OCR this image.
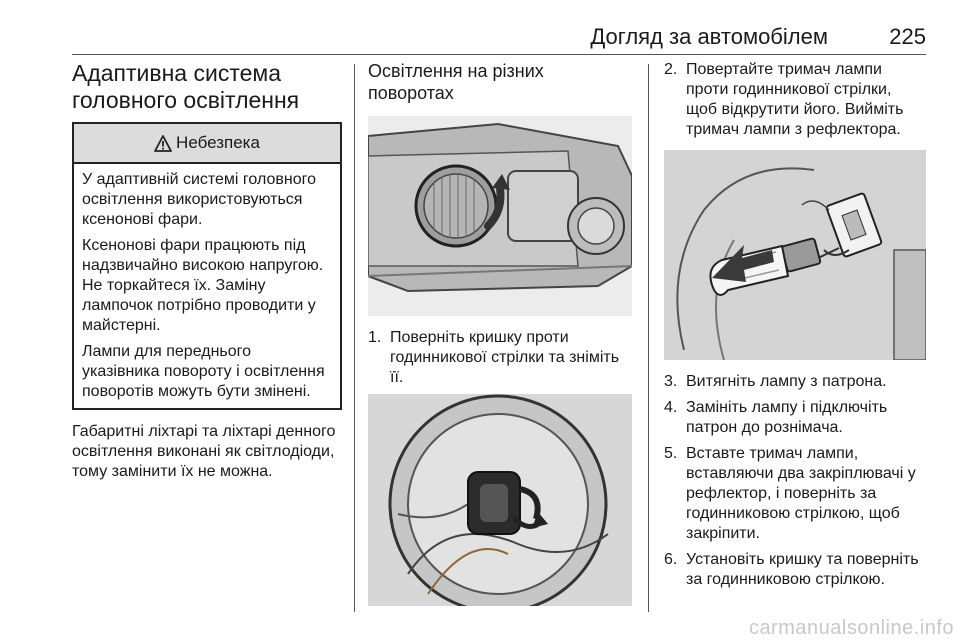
Догляд за автомобілем	225
Адаптивна система головного освітлення
Небезпека

У адаптивній системі головного освітлення використовуються ксенонові фари.

Ксенонові фари працюють під надзвичайно високою напругою. Не торкайтеся їх. Заміну лампочок потрібно проводити у майстерні.

Лампи для переднього указівника повороту і освітлення поворотів можуть бути змінені.

Габаритні ліхтарі та ліхтарі денного освітлення виконані як світлодіоди, тому замінити їх не можна.

Освітлення на різних поворотах
1. Поверніть кришку проти годинникової стрілки та зніміть її.
2. Повертайте тримач лампи проти годинникової стрілки, щоб відкрутити його. Вийміть тримач лампи з рефлектора.
3. Витягніть лампу з патрона.
4. Замініть лампу і підключіть патрон до рознімача.
5. Вставте тримач лампи, вставляючи два закріплювачі у рефлектор, і поверніть за годинниковою стрілкою, щоб закріпити.
6. Установіть кришку та поверніть за годинниковою стрілкою.
carmanualsonline.info
